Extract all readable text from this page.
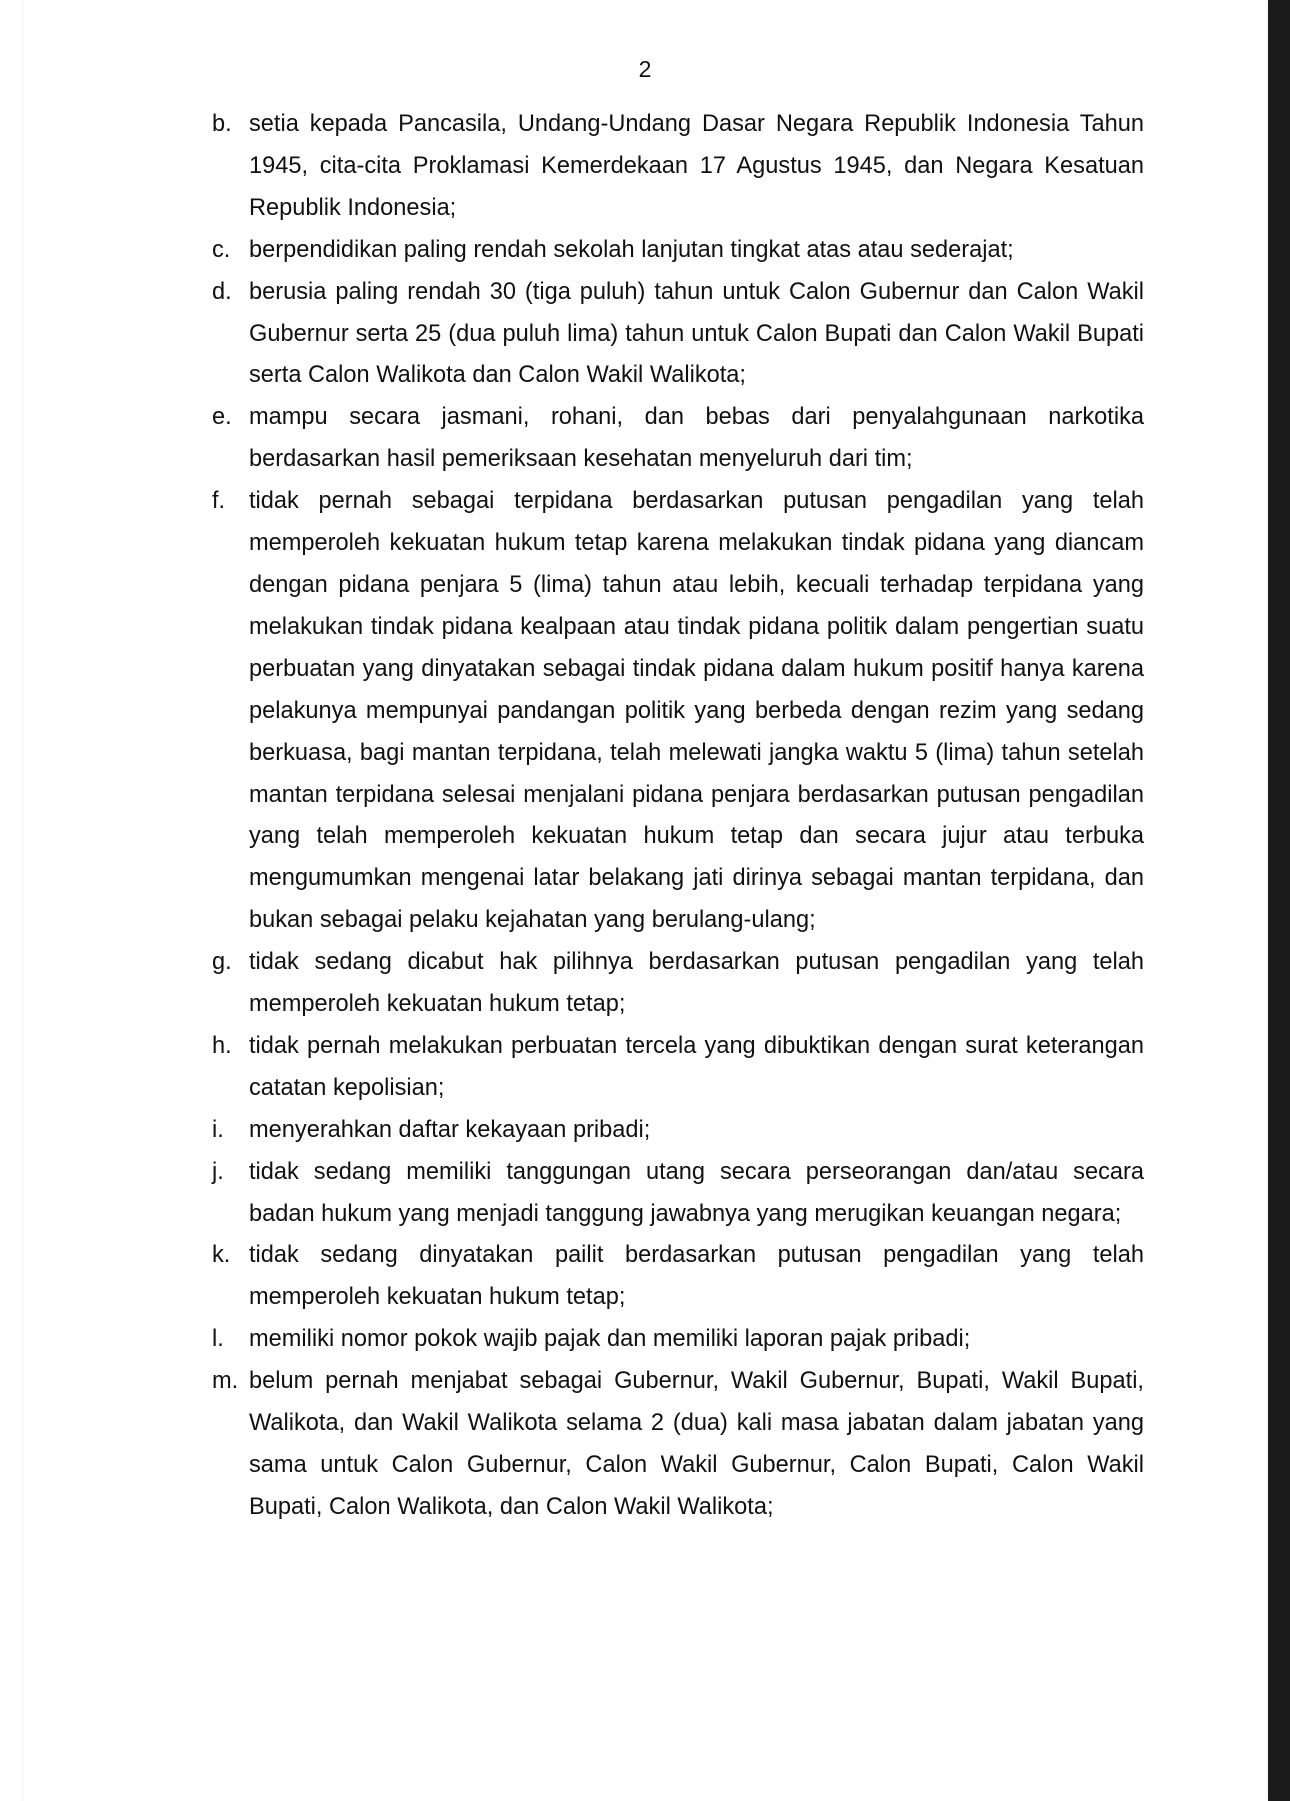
2
b. setia kepada Pancasila, Undang-Undang Dasar Negara Republik Indonesia Tahun 1945, cita-cita Proklamasi Kemerdekaan 17 Agustus 1945, dan Negara Kesatuan Republik Indonesia;
c. berpendidikan paling rendah sekolah lanjutan tingkat atas atau sederajat;
d. berusia paling rendah 30 (tiga puluh) tahun untuk Calon Gubernur dan Calon Wakil Gubernur serta 25 (dua puluh lima) tahun untuk Calon Bupati dan Calon Wakil Bupati serta Calon Walikota dan Calon Wakil Walikota;
e. mampu secara jasmani, rohani, dan bebas dari penyalahgunaan narkotika berdasarkan hasil pemeriksaan kesehatan menyeluruh dari tim;
f.	tidak pernah sebagai terpidana berdasarkan putusan pengadilan yang telah memperoleh kekuatan hukum tetap karena melakukan tindak pidana yang diancam dengan pidana penjara 5 (lima) tahun atau lebih, kecuali terhadap terpidana yang melakukan tindak pidana kealpaan atau tindak pidana politik dalam pengertian suatu perbuatan yang dinyatakan sebagai tindak pidana dalam hukum positif hanya karena pelakunya mempunyai pandangan politik yang berbeda dengan rezim yang sedang berkuasa, bagi mantan terpidana, telah melewati jangka waktu 5 (lima) tahun setelah mantan terpidana selesai menjalani pidana penjara berdasarkan putusan pengadilan yang telah memperoleh kekuatan hukum tetap dan secara jujur atau terbuka mengumumkan mengenai latar belakang jati dirinya sebagai mantan terpidana, dan bukan sebagai pelaku kejahatan yang berulang-ulang;
g. tidak sedang dicabut hak pilihnya berdasarkan putusan pengadilan yang telah memperoleh kekuatan hukum tetap;
h. tidak pernah melakukan perbuatan tercela yang dibuktikan dengan surat keterangan catatan kepolisian;
i.	menyerahkan daftar kekayaan pribadi;
j.	tidak sedang memiliki tanggungan utang secara perseorangan dan/atau secara badan hukum yang menjadi tanggung jawabnya yang merugikan keuangan negara;
k. tidak sedang dinyatakan pailit berdasarkan putusan pengadilan yang telah memperoleh kekuatan hukum tetap;
l.	memiliki nomor pokok wajib pajak dan memiliki laporan pajak pribadi;
m. belum pernah menjabat sebagai Gubernur, Wakil Gubernur, Bupati, Wakil Bupati, Walikota, dan Wakil Walikota selama 2 (dua) kali masa jabatan dalam jabatan yang sama untuk Calon Gubernur, Calon Wakil Gubernur, Calon Bupati, Calon Wakil Bupati, Calon Walikota, dan Calon Wakil Walikota;
